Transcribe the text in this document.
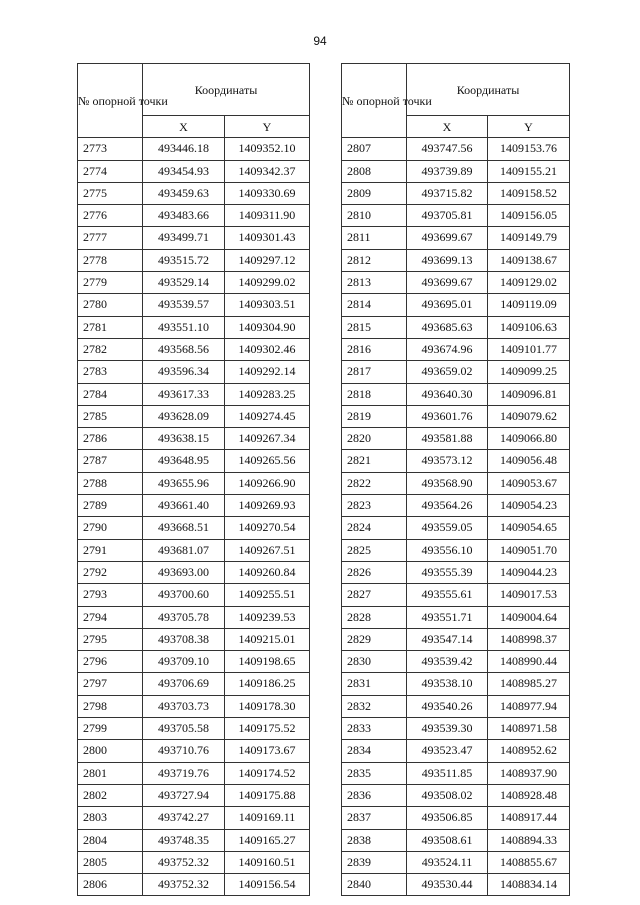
94
№ опорной точки	Координаты	
	X	Y
2773	493446.18	1409352.10
2774	493454.93	1409342.37
2775	493459.63	1409330.69
2776	493483.66	1409311.90
2777	493499.71	1409301.43
2778	493515.72	1409297.12
2779	493529.14	1409299.02
2780	493539.57	1409303.51
2781	493551.10	1409304.90
2782	493568.56	1409302.46
2783	493596.34	1409292.14
2784	493617.33	1409283.25
2785	493628.09	1409274.45
2786	493638.15	1409267.34
2787	493648.95	1409265.56
2788	493655.96	1409266.90
2789	493661.40	1409269.93
2790	493668.51	1409270.54
2791	493681.07	1409267.51
2792	493693.00	1409260.84
2793	493700.60	1409255.51
2794	493705.78	1409239.53
2795	493708.38	1409215.01
2796	493709.10	1409198.65
2797	493706.69	1409186.25
2798	493703.73	1409178.30
2799	493705.58	1409175.52
2800	493710.76	1409173.67
2801	493719.76	1409174.52
2802	493727.94	1409175.88
2803	493742.27	1409169.11
2804	493748.35	1409165.27
2805	493752.32	1409160.51
2806	493752.32	1409156.54
№ опорной точки	Координаты	
	X	Y
2807	493747.56	1409153.76
2808	493739.89	1409155.21
2809	493715.82	1409158.52
2810	493705.81	1409156.05
2811	493699.67	1409149.79
2812	493699.13	1409138.67
2813	493699.67	1409129.02
2814	493695.01	1409119.09
2815	493685.63	1409106.63
2816	493674.96	1409101.77
2817	493659.02	1409099.25
2818	493640.30	1409096.81
2819	493601.76	1409079.62
2820	493581.88	1409066.80
2821	493573.12	1409056.48
2822	493568.90	1409053.67
2823	493564.26	1409054.23
2824	493559.05	1409054.65
2825	493556.10	1409051.70
2826	493555.39	1409044.23
2827	493555.61	1409017.53
2828	493551.71	1409004.64
2829	493547.14	1408998.37
2830	493539.42	1408990.44
2831	493538.10	1408985.27
2832	493540.26	1408977.94
2833	493539.30	1408971.58
2834	493523.47	1408952.62
2835	493511.85	1408937.90
2836	493508.02	1408928.48
2837	493506.85	1408917.44
2838	493508.61	1408894.33
2839	493524.11	1408855.67
2840	493530.44	1408834.14
